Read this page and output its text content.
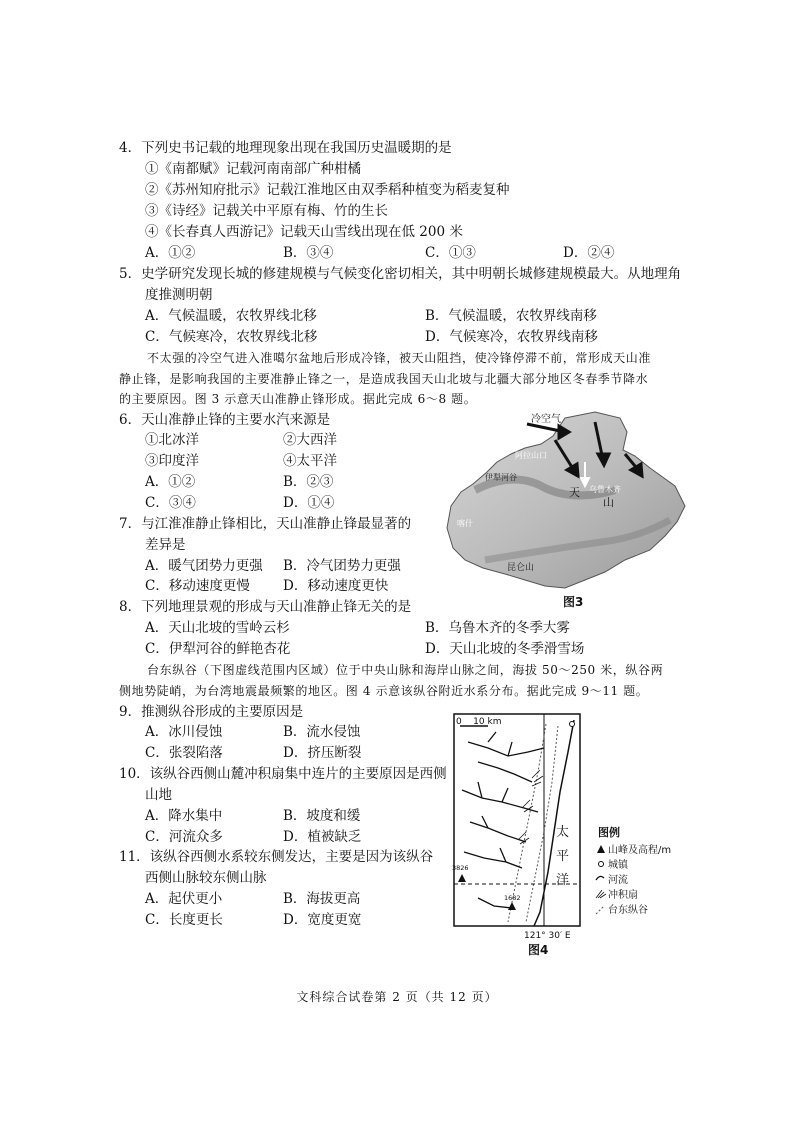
4．下列史书记载的地理现象出现在我国历史温暖期的是
①《南都赋》记载河南南部广种柑橘
②《苏州知府批示》记载江淮地区由双季稻种植变为稻麦复种
③《诗经》记载关中平原有梅、竹的生长
④《长春真人西游记》记载天山雪线出现在低 200 米
A．①②	B．③④	C．①③	D．②④
5．史学研究发现长城的修建规模与气候变化密切相关，其中明朝长城修建规模最大。从地理角
度推测明朝
A．气候温暖，农牧界线北移	B．气候温暖，农牧界线南移
C．气候寒冷，农牧界线北移	D．气候寒冷，农牧界线南移
不太强的冷空气进入准噶尔盆地后形成冷锋，被天山阻挡，使冷锋停滞不前，常形成天山准
静止锋，是影响我国的主要准静止锋之一，是造成我国天山北坡与北疆大部分地区冬春季节降水
的主要原因。图 3 示意天山准静止锋形成。据此完成 6～8 题。
6．天山准静止锋的主要水汽来源是
①北冰洋	②大西洋
③印度洋	④太平洋
A．①②	B．②③
C．③④	D．①④
7．与江淮准静止锋相比，天山准静止锋最显著的
差异是
A．暖气团势力更强 B．冷气团势力更强
C．移动速度更慢 D．移动速度更快
冷空气	阿尔泰山
阿拉山口
伊犁河谷
乌鲁木齐
天
山
喀什
昆仑山
图3
8．下列地理景观的形成与天山准静止锋无关的是
A．天山北坡的雪岭云杉	B．乌鲁木齐的冬季大雾
C．伊犁河谷的鲜艳杏花	D．天山北坡的冬季滑雪场
台东纵谷（下图虚线范围内区域）位于中央山脉和海岸山脉之间，海拔 50～250 米，纵谷两
侧地势陡峭，为台湾地震最频繁的地区。图 4 示意该纵谷附近水系分布。据此完成 9～11 题。
9．推测纵谷形成的主要原因是
A．冰川侵蚀	B．流水侵蚀
C．张裂陷落	D．挤压断裂
10．该纵谷西侧山麓冲积扇集中连片的主要原因是西侧
山地
A．降水集中	B．坡度和缓
C．河流众多	D．植被缺乏
11．该纵谷西侧水系较东侧发达，主要是因为该纵谷
西侧山脉较东侧山脉
A．起伏更小	B．海拔更高
C．长度更长	D．宽度更宽
0    10 km
3826
1682
太
平
洋
121° 30′ E
图4
图例
山峰及高程/m
城镇
河流
冲积扇
台东纵谷
文科综合试卷第 2 页（共 12 页）
